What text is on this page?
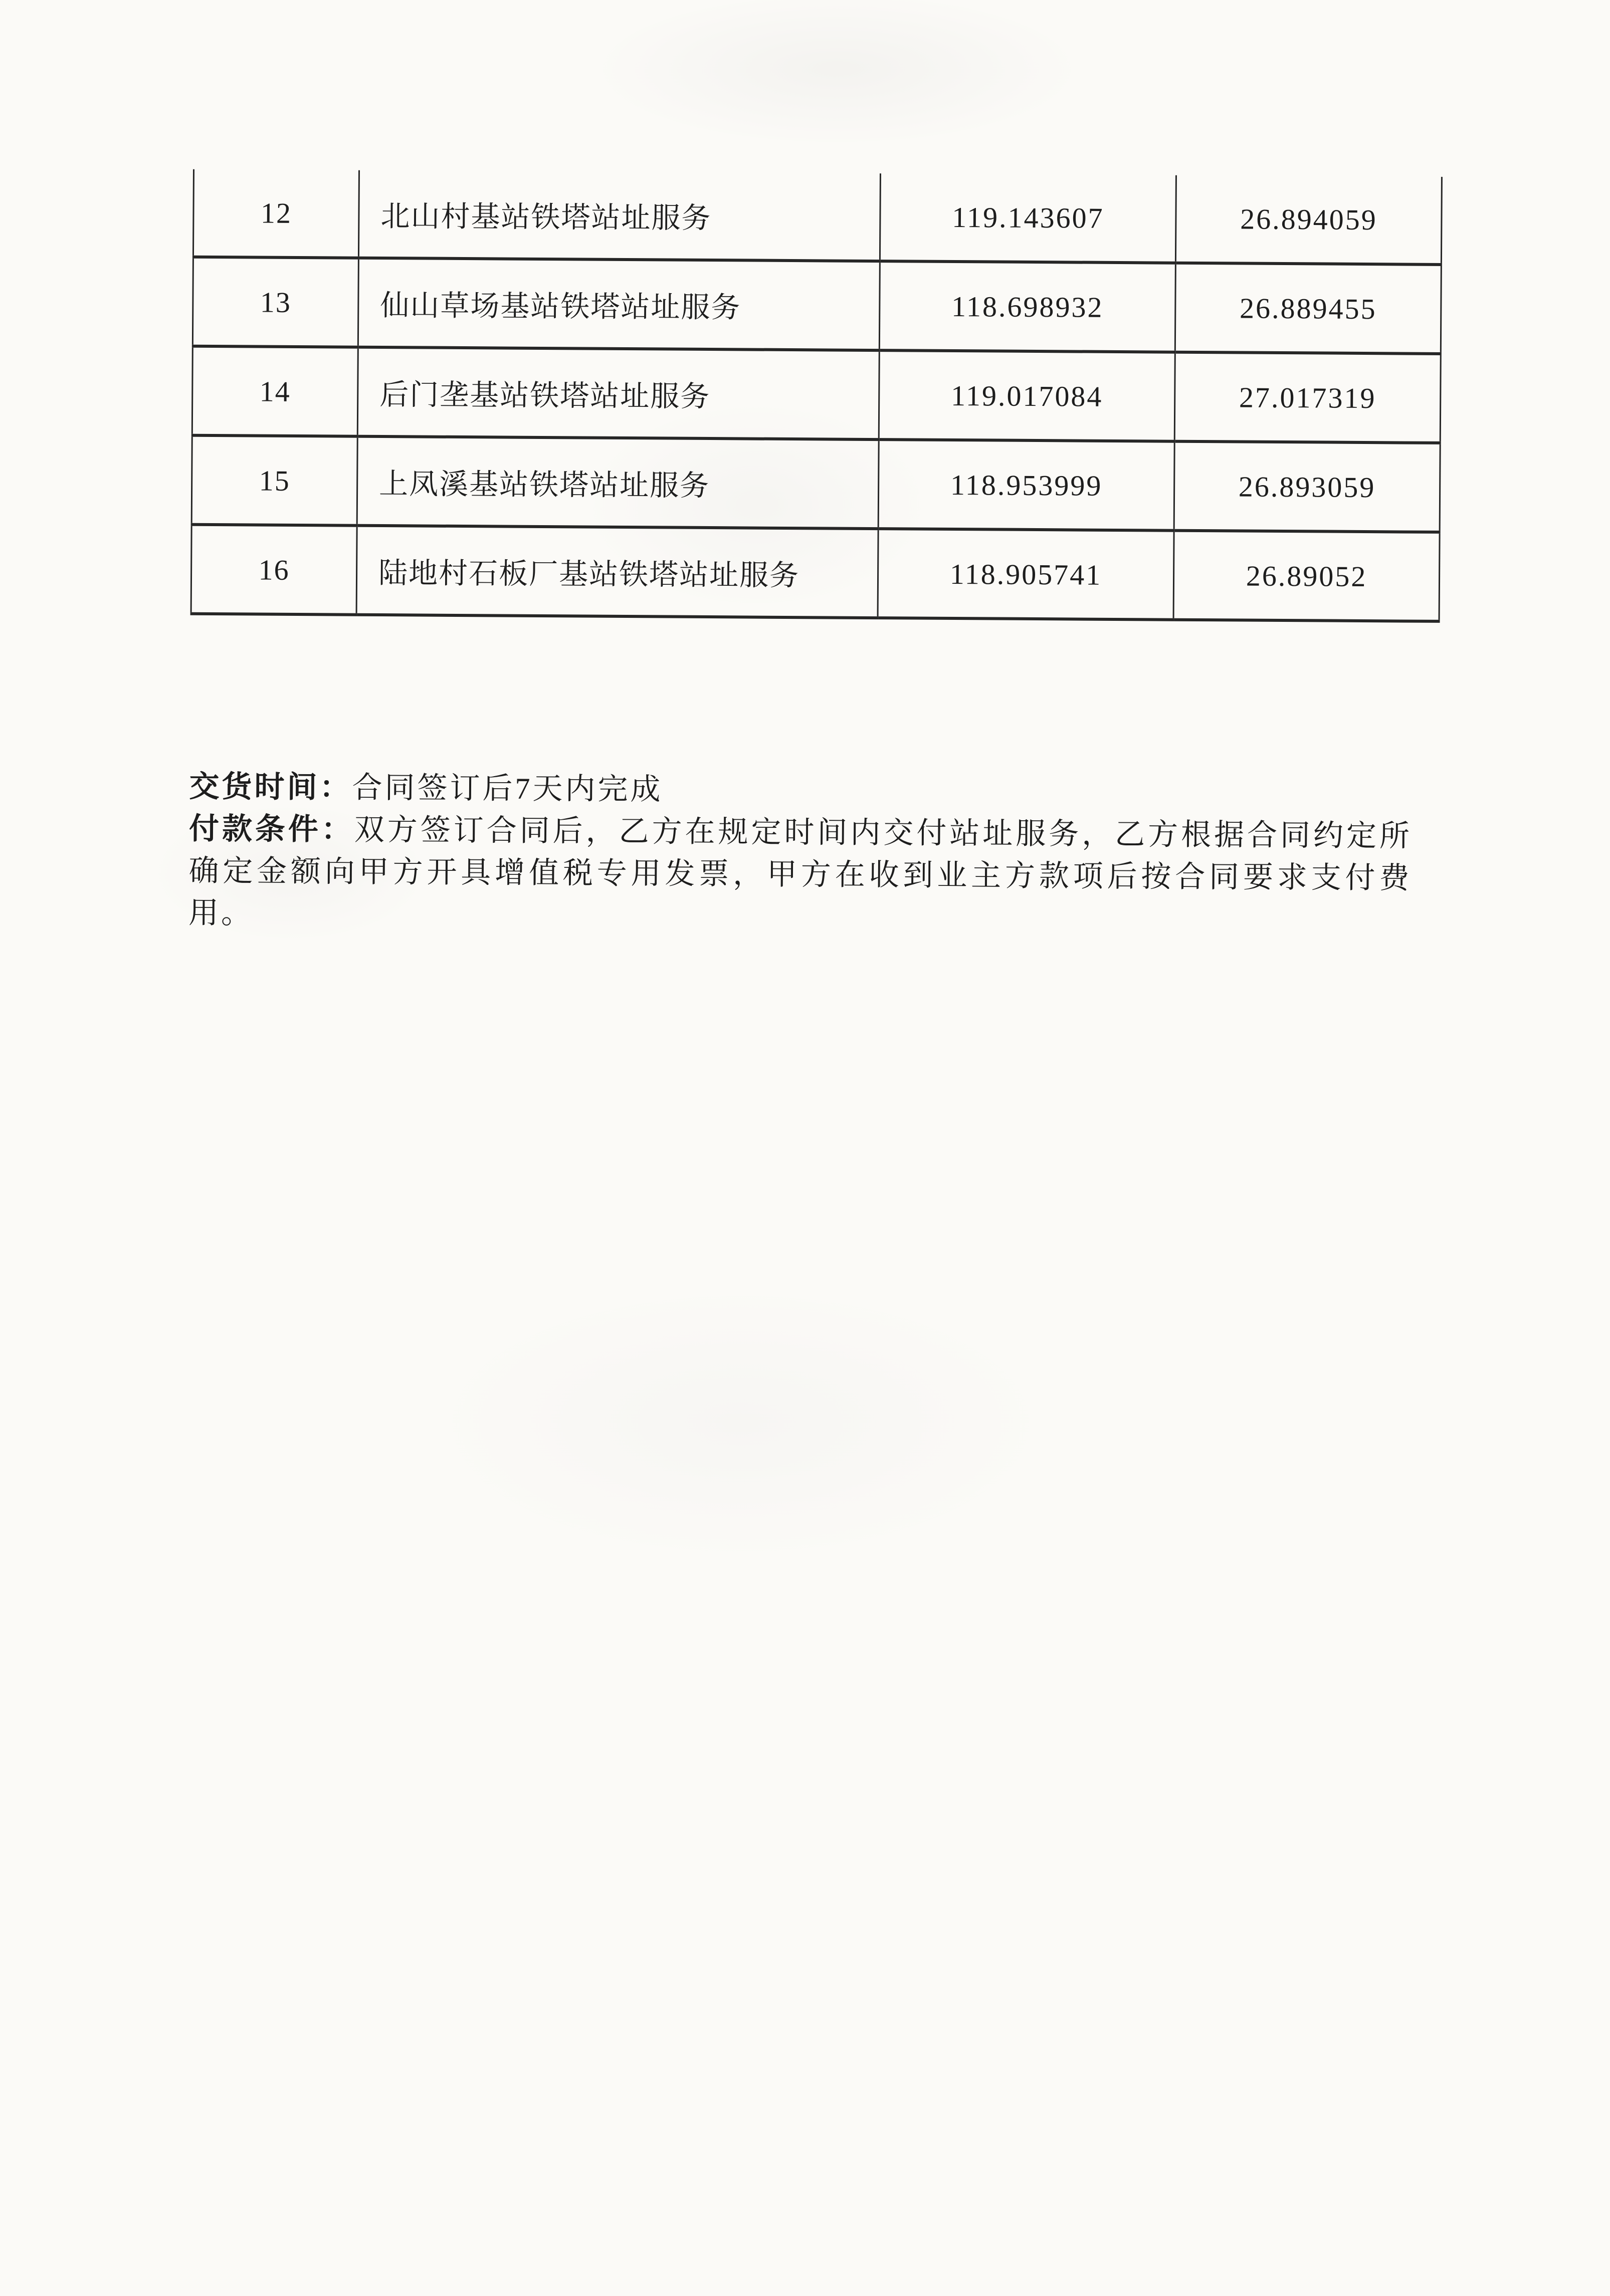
12	北山村基站铁塔站址服务	119.143607	26.894059
13	仙山草场基站铁塔站址服务	118.698932	26.889455
14	后门垄基站铁塔站址服务	119.017084	27.017319
15	上凤溪基站铁塔站址服务	118.953999	26.893059
16	陆地村石板厂基站铁塔站址服务	118.905741	26.89052

交货时间：合同签订后7天内完成

付款条件：双方签订合同后，乙方在规定时间内交付站址服务，乙方根据合同约定所确定金额向甲方开具增值税专用发票，甲方在收到业主方款项后按合同要求支付费用。
